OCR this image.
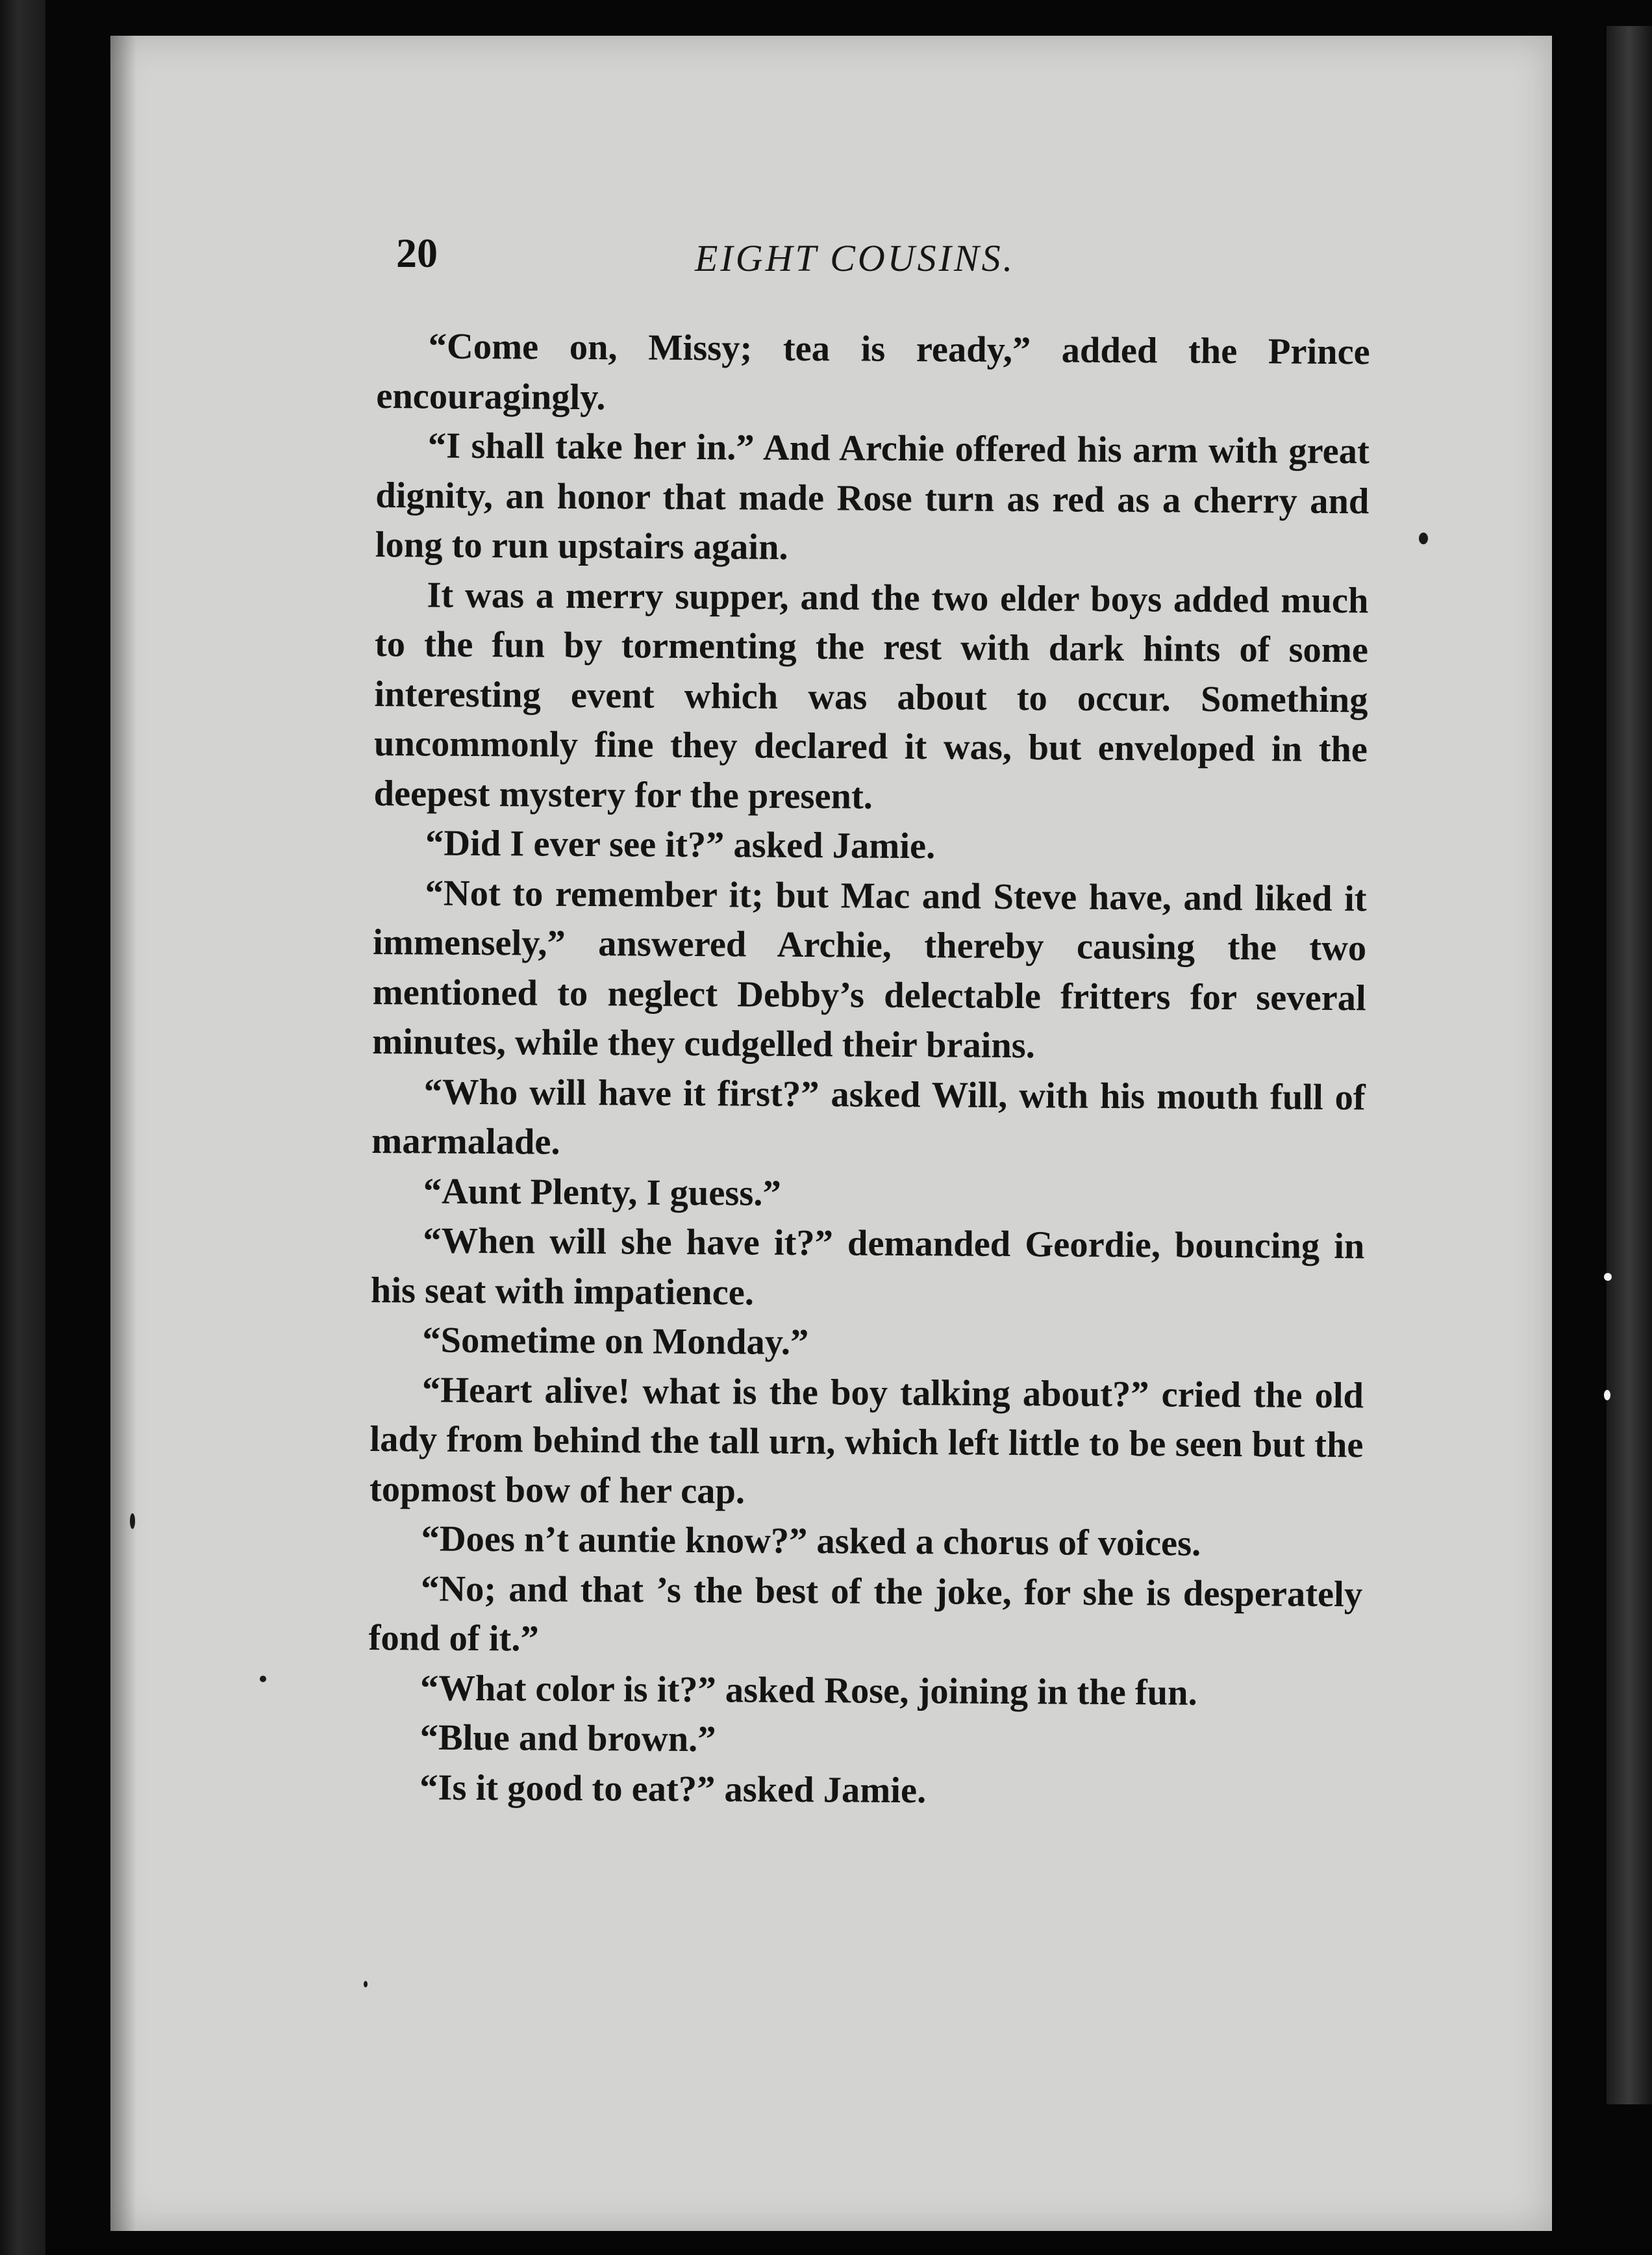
20	EIGHT COUSINS.

“Come on, Missy; tea is ready,” added the Prince encouragingly.

“I shall take her in.” And Archie offered his arm with great dignity, an honor that made Rose turn as red as a cherry and long to run upstairs again.

It was a merry supper, and the two elder boys added much to the fun by tormenting the rest with dark hints of some interesting event which was about to occur. Something uncommonly fine they declared it was, but enveloped in the deepest mystery for the present.

“Did I ever see it?” asked Jamie.

“Not to remember it; but Mac and Steve have, and liked it immensely,” answered Archie, thereby causing the two mentioned to neglect Debby’s delectable fritters for several minutes, while they cudgelled their brains.

“Who will have it first?” asked Will, with his mouth full of marmalade.

“Aunt Plenty, I guess.”

“When will she have it?” demanded Geordie, bouncing in his seat with impatience.

“Sometime on Monday.”

“Heart alive! what is the boy talking about?” cried the old lady from behind the tall urn, which left little to be seen but the topmost bow of her cap.

“Does n’t auntie know?” asked a chorus of voices.

“No; and that ’s the best of the joke, for she is desperately fond of it.”

“What color is it?” asked Rose, joining in the fun.

“Blue and brown.”

“Is it good to eat?” asked Jamie.
